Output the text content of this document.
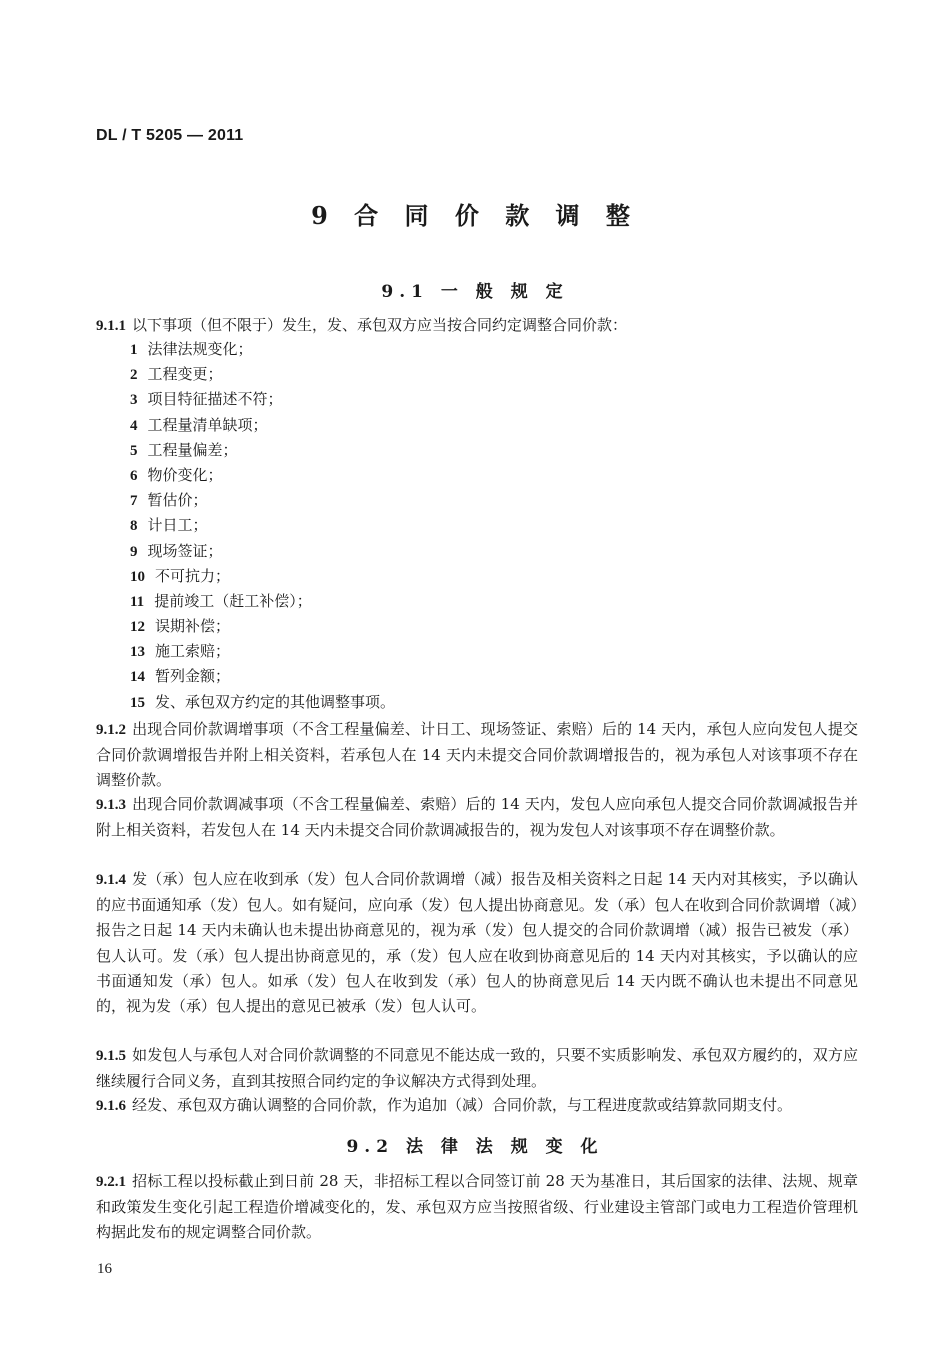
DL / T 5205 — 2011
9 合 同 价 款 调 整
9.1 一 般 规 定

9.1.1 以下事项（但不限于）发生，发、承包双方应当按合同约定调整合同价款：

1 法律法规变化；
2 工程变更；
3 项目特征描述不符；
4 工程量清单缺项；
5 工程量偏差；
6 物价变化；
7 暂估价；
8 计日工；
9 现场签证；
10 不可抗力；
11 提前竣工（赶工补偿）；
12 误期补偿；
13 施工索赔；
14 暂列金额；
15 发、承包双方约定的其他调整事项。

9.1.2 出现合同价款调增事项（不含工程量偏差、计日工、现场签证、索赔）后的 14 天内，承包人应向发包人提交合同价款调增报告并附上相关资料，若承包人在 14 天内未提交合同价款调增报告的，视为承包人对该事项不存在调整价款。

9.1.3 出现合同价款调减事项（不含工程量偏差、索赔）后的 14 天内，发包人应向承包人提交合同价款调减报告并附上相关资料，若发包人在 14 天内未提交合同价款调减报告的，视为发包人对该事项不存在调整价款。

9.1.4 发（承）包人应在收到承（发）包人合同价款调增（减）报告及相关资料之日起 14 天内对其核实，予以确认的应书面通知承（发）包人。如有疑问，应向承（发）包人提出协商意见。发（承）包人在收到合同价款调增（减）报告之日起 14 天内未确认也未提出协商意见的，视为承（发）包人提交的合同价款调增（减）报告已被发（承）包人认可。发（承）包人提出协商意见的，承（发）包人应在收到协商意见后的 14 天内对其核实，予以确认的应书面通知发（承）包人。如承（发）包人在收到发（承）包人的协商意见后 14 天内既不确认也未提出不同意见的，视为发（承）包人提出的意见已被承（发）包人认可。

9.1.5 如发包人与承包人对合同价款调整的不同意见不能达成一致的，只要不实质影响发、承包双方履约的，双方应继续履行合同义务，直到其按照合同约定的争议解决方式得到处理。

9.1.6 经发、承包双方确认调整的合同价款，作为追加（减）合同价款，与工程进度款或结算款同期支付。

9.2 法 律 法 规 变 化

9.2.1 招标工程以投标截止到日前 28 天，非招标工程以合同签订前 28 天为基准日，其后国家的法律、法规、规章和政策发生变化引起工程造价增减变化的，发、承包双方应当按照省级、行业建设主管部门或电力工程造价管理机构据此发布的规定调整合同价款。

16
